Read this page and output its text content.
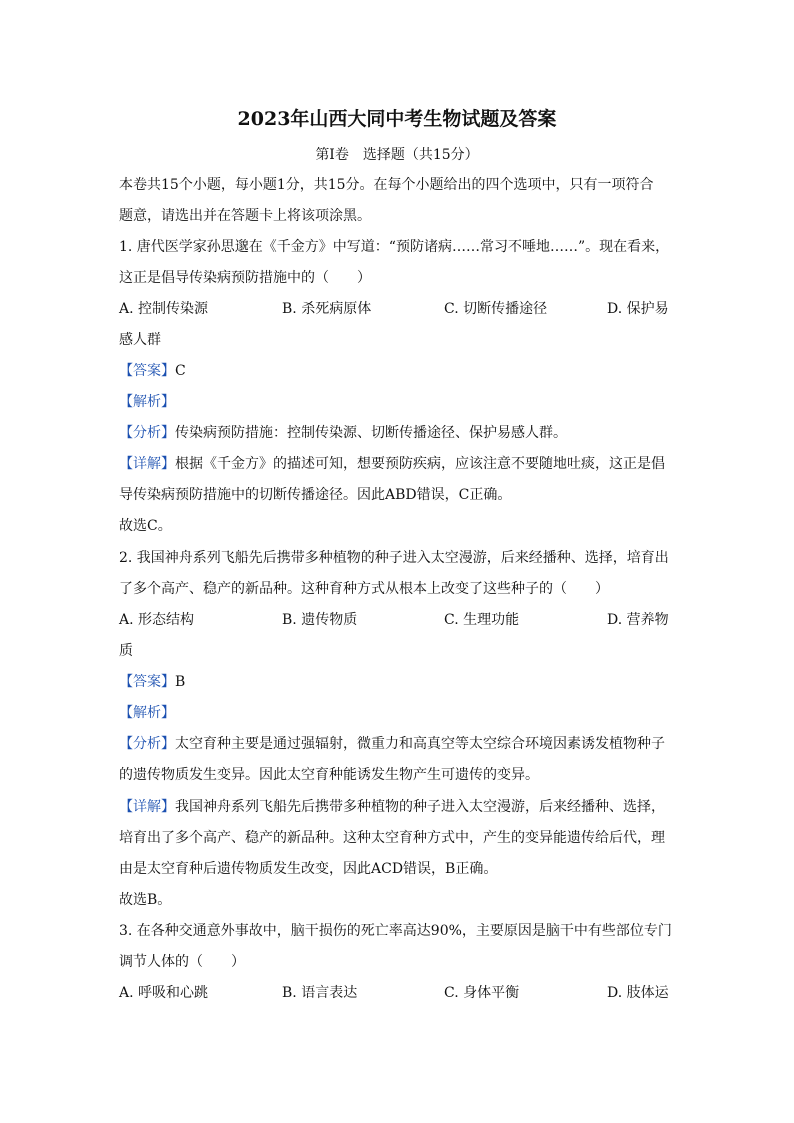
2023年山西大同中考生物试题及答案
第Ⅰ卷　选择题（共15分）
本卷共15个小题，每小题1分，共15分。在每个小题给出的四个选项中，只有一项符合
题意，请选出并在答题卡上将该项涂黑。
1. 唐代医学家孙思邈在《千金方》中写道：“预防诸病……常习不唾地……”。现在看来，
这正是倡导传染病预防措施中的（　　）
A. 控制传染源	B. 杀死病原体	C. 切断传播途径	D. 保护易
感人群
【答案】C
【解析】
【分析】传染病预防措施：控制传染源、切断传播途径、保护易感人群。
【详解】根据《千金方》的描述可知，想要预防疾病，应该注意不要随地吐痰，这正是倡
导传染病预防措施中的切断传播途径。因此ABD错误，C正确。
故选C。
2. 我国神舟系列飞船先后携带多种植物的种子进入太空漫游，后来经播种、选择，培育出
了多个高产、稳产的新品种。这种育种方式从根本上改变了这些种子的（　　）
A. 形态结构	B. 遗传物质	C. 生理功能	D. 营养物
质
【答案】B
【解析】
【分析】太空育种主要是通过强辐射，微重力和高真空等太空综合环境因素诱发植物种子
的遗传物质发生变异。因此太空育种能诱发生物产生可遗传的变异。
【详解】我国神舟系列飞船先后携带多种植物的种子进入太空漫游，后来经播种、选择，
培育出了多个高产、稳产的新品种。这种太空育种方式中，产生的变异能遗传给后代，理
由是太空育种后遗传物质发生改变，因此ACD错误，B正确。
故选B。
3. 在各种交通意外事故中，脑干损伤的死亡率高达90%，主要原因是脑干中有些部位专门
调节人体的（　　）
A. 呼吸和心跳	B. 语言表达	C. 身体平衡	D. 肢体运
